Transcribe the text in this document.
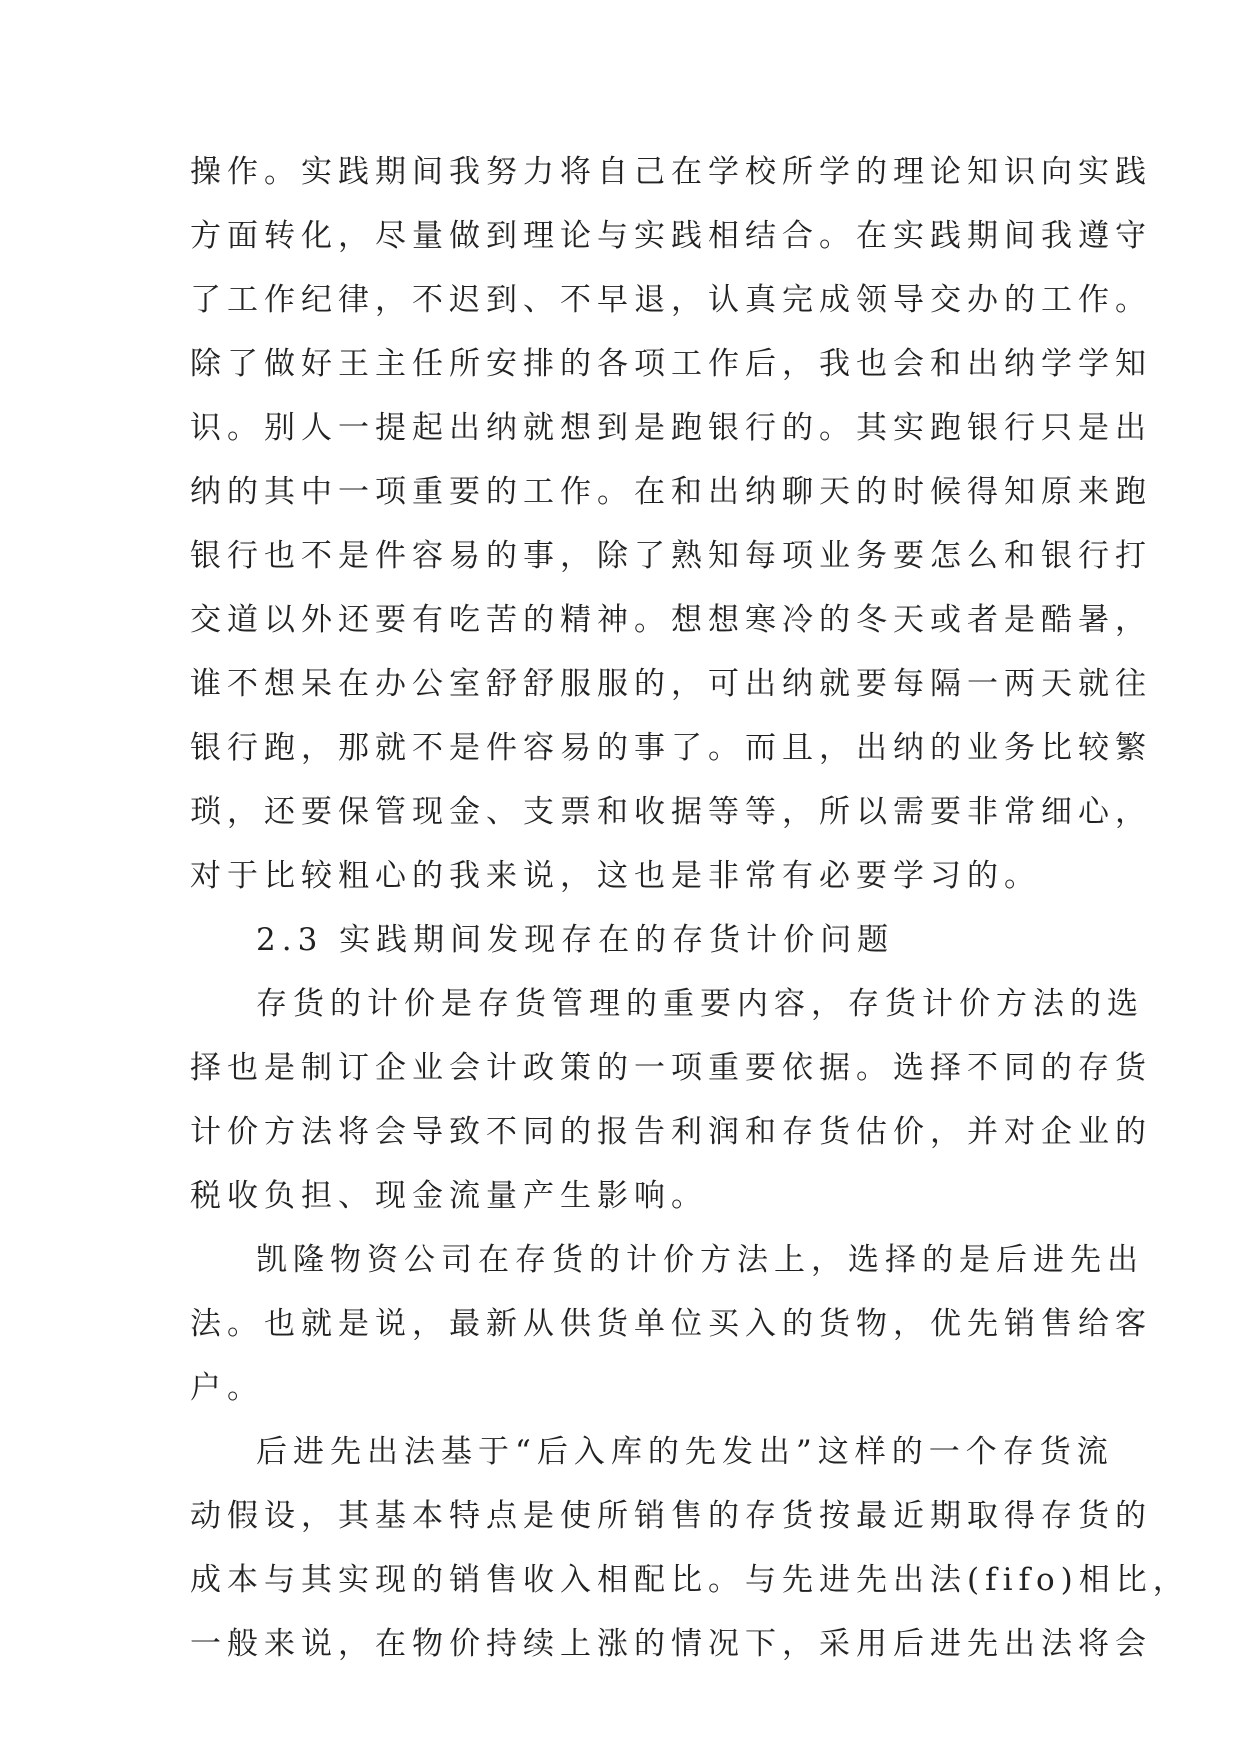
操作。实践期间我努力将自己在学校所学的理论知识向实践
方面转化，尽量做到理论与实践相结合。在实践期间我遵守
了工作纪律，不迟到、不早退，认真完成领导交办的工作。
除了做好王主任所安排的各项工作后，我也会和出纳学学知
识。别人一提起出纳就想到是跑银行的。其实跑银行只是出
纳的其中一项重要的工作。在和出纳聊天的时候得知原来跑
银行也不是件容易的事，除了熟知每项业务要怎么和银行打
交道以外还要有吃苦的精神。想想寒冷的冬天或者是酷暑，
谁不想呆在办公室舒舒服服的，可出纳就要每隔一两天就往
银行跑，那就不是件容易的事了。而且，出纳的业务比较繁
琐，还要保管现金、支票和收据等等，所以需要非常细心，
对于比较粗心的我来说，这也是非常有必要学习的。
2.3 实践期间发现存在的存货计价问题
存货的计价是存货管理的重要内容，存货计价方法的选
择也是制订企业会计政策的一项重要依据。选择不同的存货
计价方法将会导致不同的报告利润和存货估价，并对企业的
税收负担、现金流量产生影响。
凯隆物资公司在存货的计价方法上，选择的是后进先出
法。也就是说，最新从供货单位买入的货物，优先销售给客
户。
后进先出法基于“后入库的先发出”这样的一个存货流
动假设，其基本特点是使所销售的存货按最近期取得存货的
成本与其实现的销售收入相配比。与先进先出法(fifo)相比，
一般来说，在物价持续上涨的情况下，采用后进先出法将会
